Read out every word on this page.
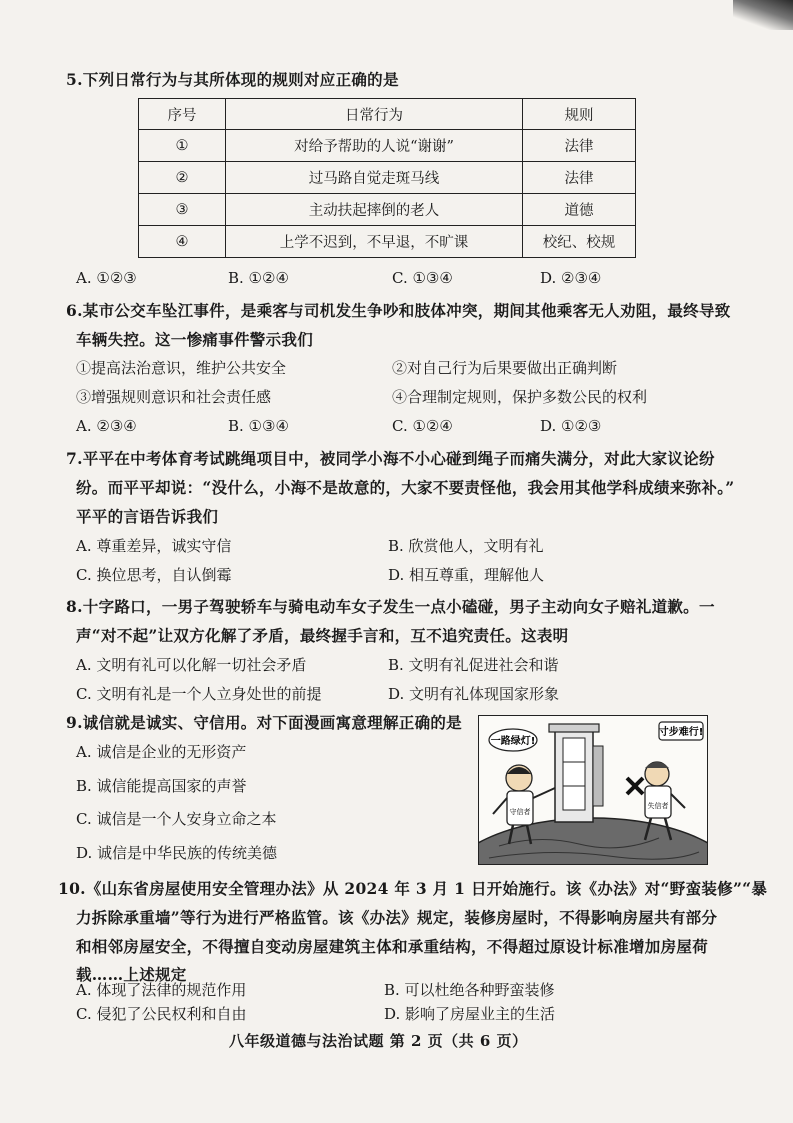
5.下列日常行为与其所体现的规则对应正确的是
序号	日常行为	规则
①	对给予帮助的人说“谢谢”	法律
②	过马路自觉走斑马线	法律
③	主动扶起摔倒的老人	道德
④	上学不迟到，不早退，不旷课	校纪、校规
A. ①②③	B. ①②④	C. ①③④	D. ②③④
6.某市公交车坠江事件，是乘客与司机发生争吵和肢体冲突，期间其他乘客无人劝阻，最终导致
车辆失控。这一惨痛事件警示我们
①提高法治意识，维护公共安全	②对自己行为后果要做出正确判断
③增强规则意识和社会责任感	④合理制定规则，保护多数公民的权利
A. ②③④	B. ①③④	C. ①②④	D. ①②③
7.平平在中考体育考试跳绳项目中，被同学小海不小心碰到绳子而痛失满分，对此大家议论纷
纷。而平平却说：“没什么，小海不是故意的，大家不要责怪他，我会用其他学科成绩来弥补。”
平平的言语告诉我们
A. 尊重差异，诚实守信	B. 欣赏他人，文明有礼
C. 换位思考，自认倒霉	D. 相互尊重，理解他人
8.十字路口，一男子驾驶轿车与骑电动车女子发生一点小磕碰，男子主动向女子赔礼道歉。一
声“对不起”让双方化解了矛盾，最终握手言和，互不追究责任。这表明
A. 文明有礼可以化解一切社会矛盾	B. 文明有礼促进社会和谐
C. 文明有礼是一个人立身处世的前提	D. 文明有礼体现国家形象
9.诚信就是诚实、守信用。对下面漫画寓意理解正确的是
A. 诚信是企业的无形资产
B. 诚信能提高国家的声誉
C. 诚信是一个人安身立命之本
D. 诚信是中华民族的传统美德
一路绿灯!
寸步难行!
守信者
失信者
10.《山东省房屋使用安全管理办法》从 2024 年 3 月 1 日开始施行。该《办法》对“野蛮装修”“暴
力拆除承重墙”等行为进行严格监管。该《办法》规定，装修房屋时，不得影响房屋共有部分
和相邻房屋安全，不得擅自变动房屋建筑主体和承重结构，不得超过原设计标准增加房屋荷
载……上述规定
A. 体现了法律的规范作用	B. 可以杜绝各种野蛮装修
C. 侵犯了公民权利和自由	D. 影响了房屋业主的生活
八年级道德与法治试题 第 2 页（共 6 页）
